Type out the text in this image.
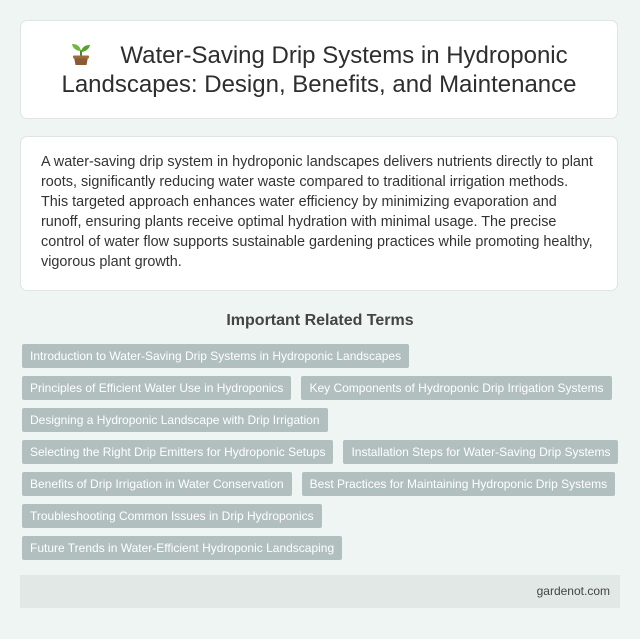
Water-Saving Drip Systems in Hydroponic Landscapes: Design, Benefits, and Maintenance

A water-saving drip system in hydroponic landscapes delivers nutrients directly to plant roots, significantly reducing water waste compared to traditional irrigation methods. This targeted approach enhances water efficiency by minimizing evaporation and runoff, ensuring plants receive optimal hydration with minimal usage. The precise control of water flow supports sustainable gardening practices while promoting healthy, vigorous plant growth.

Important Related Terms
Introduction to Water-Saving Drip Systems in Hydroponic Landscapes
Principles of Efficient Water Use in Hydroponics	Key Components of Hydroponic Drip Irrigation Systems
Designing a Hydroponic Landscape with Drip Irrigation
Selecting the Right Drip Emitters for Hydroponic Setups	Installation Steps for Water-Saving Drip Systems
Benefits of Drip Irrigation in Water Conservation	Best Practices for Maintaining Hydroponic Drip Systems
Troubleshooting Common Issues in Drip Hydroponics
Future Trends in Water-Efficient Hydroponic Landscaping
gardenot.com
